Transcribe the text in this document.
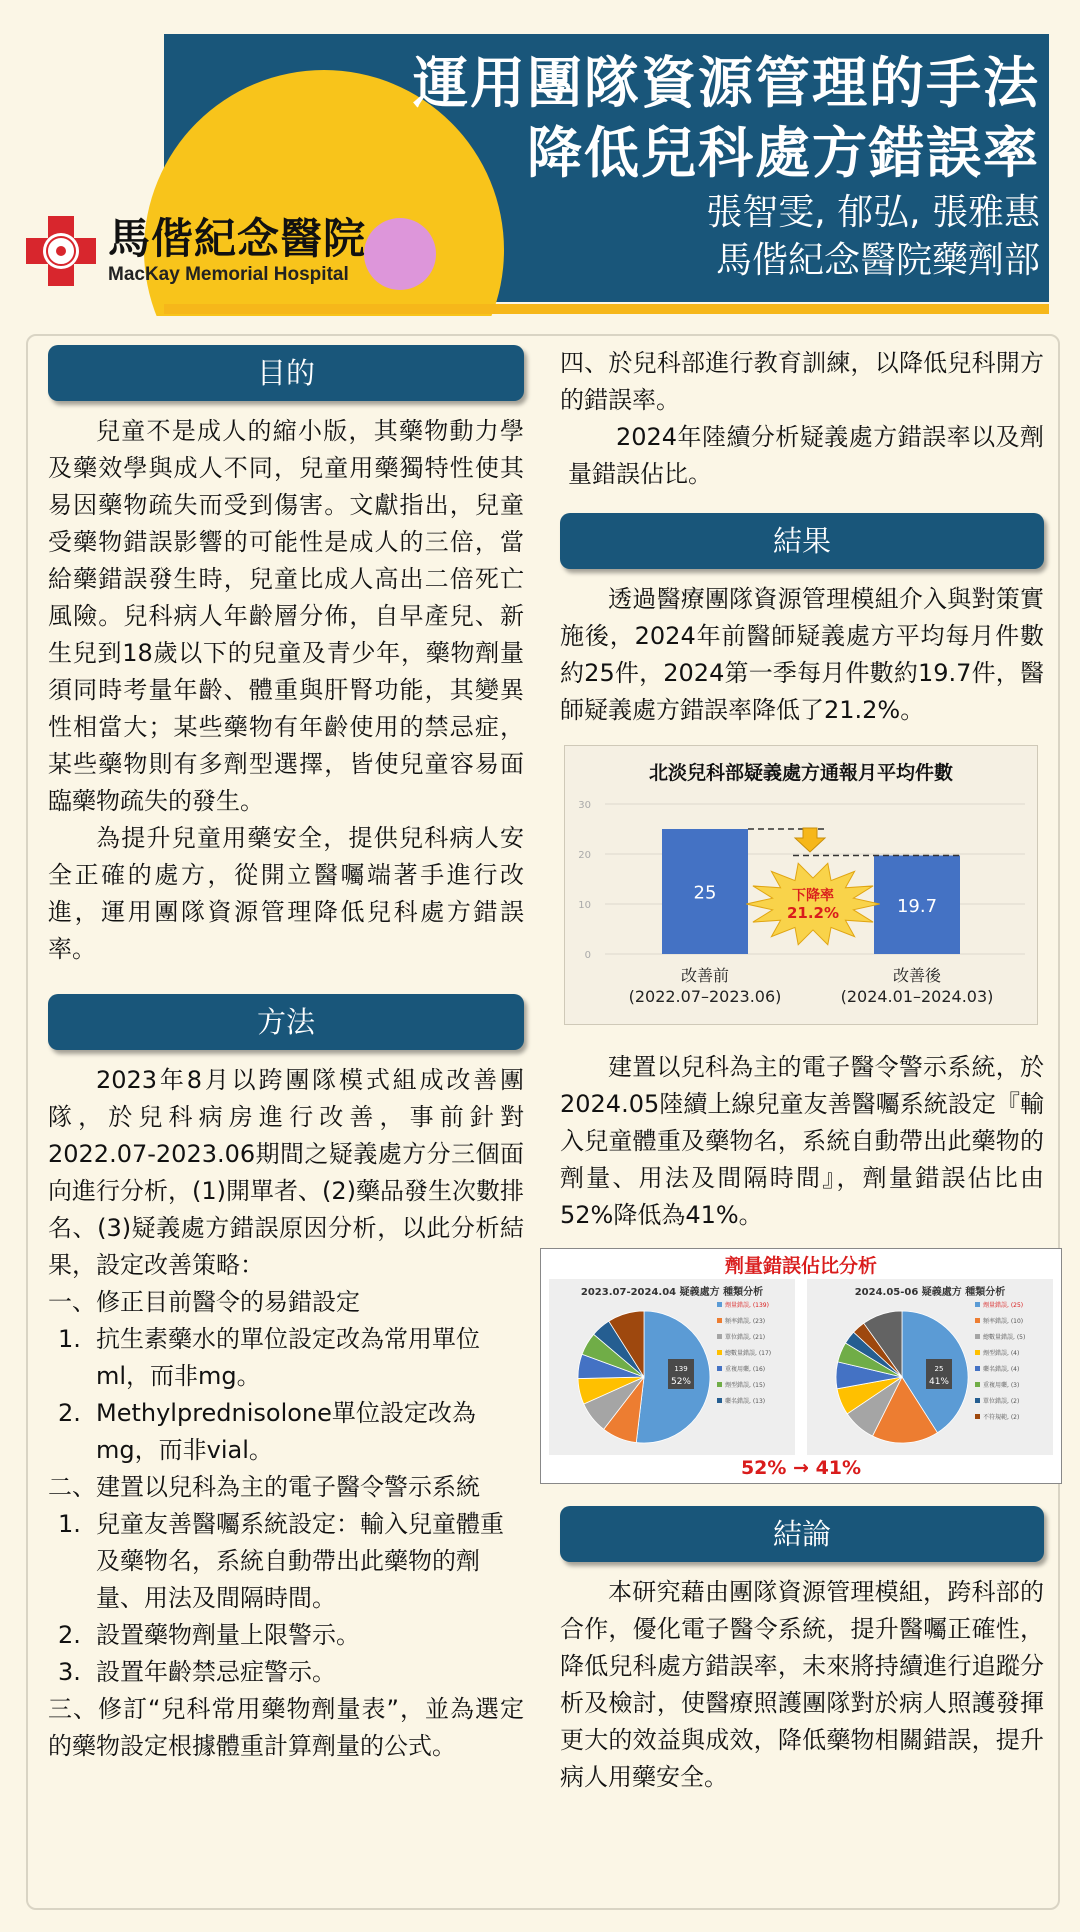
運用團隊資源管理的手法
降低兒科處方錯誤率
張智雯, 郁弘, 張雅惠
馬偕紀念醫院藥劑部
馬偕紀念醫院
MacKay Memorial Hospital
目的

兒童不是成人的縮小版，其藥物動力學及藥效學與成人不同，兒童用藥獨特性使其易因藥物疏失而受到傷害。文獻指出，兒童受藥物錯誤影響的可能性是成人的三倍，當給藥錯誤發生時，兒童比成人高出二倍死亡風險。兒科病人年齡層分佈，自早產兒、新生兒到18歲以下的兒童及青少年，藥物劑量須同時考量年齡、體重與肝腎功能，其變異性相當大；某些藥物有年齡使用的禁忌症，某些藥物則有多劑型選擇，皆使兒童容易面臨藥物疏失的發生。

為提升兒童用藥安全，提供兒科病人安全正確的處方，從開立醫囑端著手進行改進，運用團隊資源管理降低兒科處方錯誤率。

方法

2023年8月以跨團隊模式組成改善團隊，於兒科病房進行改善，事前針對2022.07-2023.06期間之疑義處方分三個面向進行分析，(1)開單者、(2)藥品發生次數排名、(3)疑義處方錯誤原因分析，以此分析結果，設定改善策略：

一、修正目前醫令的易錯設定

1. 抗生素藥水的單位設定改為常用單位ml，而非mg。
2. Methylprednisolone單位設定改為mg，而非vial。

二、建置以兒科為主的電子醫令警示系統

1. 兒童友善醫囑系統設定：輸入兒童體重及藥物名，系統自動帶出此藥物的劑量、用法及間隔時間。
2. 設置藥物劑量上限警示。
3. 設置年齡禁忌症警示。

三、修訂“兒科常用藥物劑量表”，並為選定的藥物設定根據體重計算劑量的公式。

四、於兒科部進行教育訓練，以降低兒科開方的錯誤率。

2024年陸續分析疑義處方錯誤率以及劑量錯誤佔比。

結果

透過醫療團隊資源管理模組介入與對策實施後，2024年前醫師疑義處方平均每月件數約25件，2024第一季每月件數約19.7件，醫師疑義處方錯誤率降低了21.2%。

北淡兒科部疑義處方通報月平均件數
0
10
20
30
25
改善前
(2022.07–2023.06)
19.7
改善後
(2024.01–2024.03)
下降率
21.2%

建置以兒科為主的電子醫令警示系統，於2024.05陸續上線兒童友善醫囑系統設定『輸入兒童體重及藥物名，系統自動帶出此藥物的劑量、用法及間隔時間』，劑量錯誤佔比由52%降低為41%。

劑量錯誤佔比分析
2023.07-2024.04 疑義處方 種類分析
139
52%
劑量錯誤, (139)
頻率錯誤, (23)
單位錯誤, (21)
總數量錯誤, (17)
重複用藥, (16)
劑型錯誤, (15)
藥名錯誤, (13)
2024.05-06 疑義處方 種類分析
25
41%
劑量錯誤, (25)
頻率錯誤, (10)
總數量錯誤, (5)
劑型錯誤, (4)
藥名錯誤, (4)
重複用藥, (3)
單位錯誤, (2)
不符規範, (2)
52% → 41%
結論

本研究藉由團隊資源管理模組，跨科部的合作，優化電子醫令系統，提升醫囑正確性，降低兒科處方錯誤率，未來將持續進行追蹤分析及檢討，使醫療照護團隊對於病人照護發揮更大的效益與成效，降低藥物相關錯誤，提升病人用藥安全。
